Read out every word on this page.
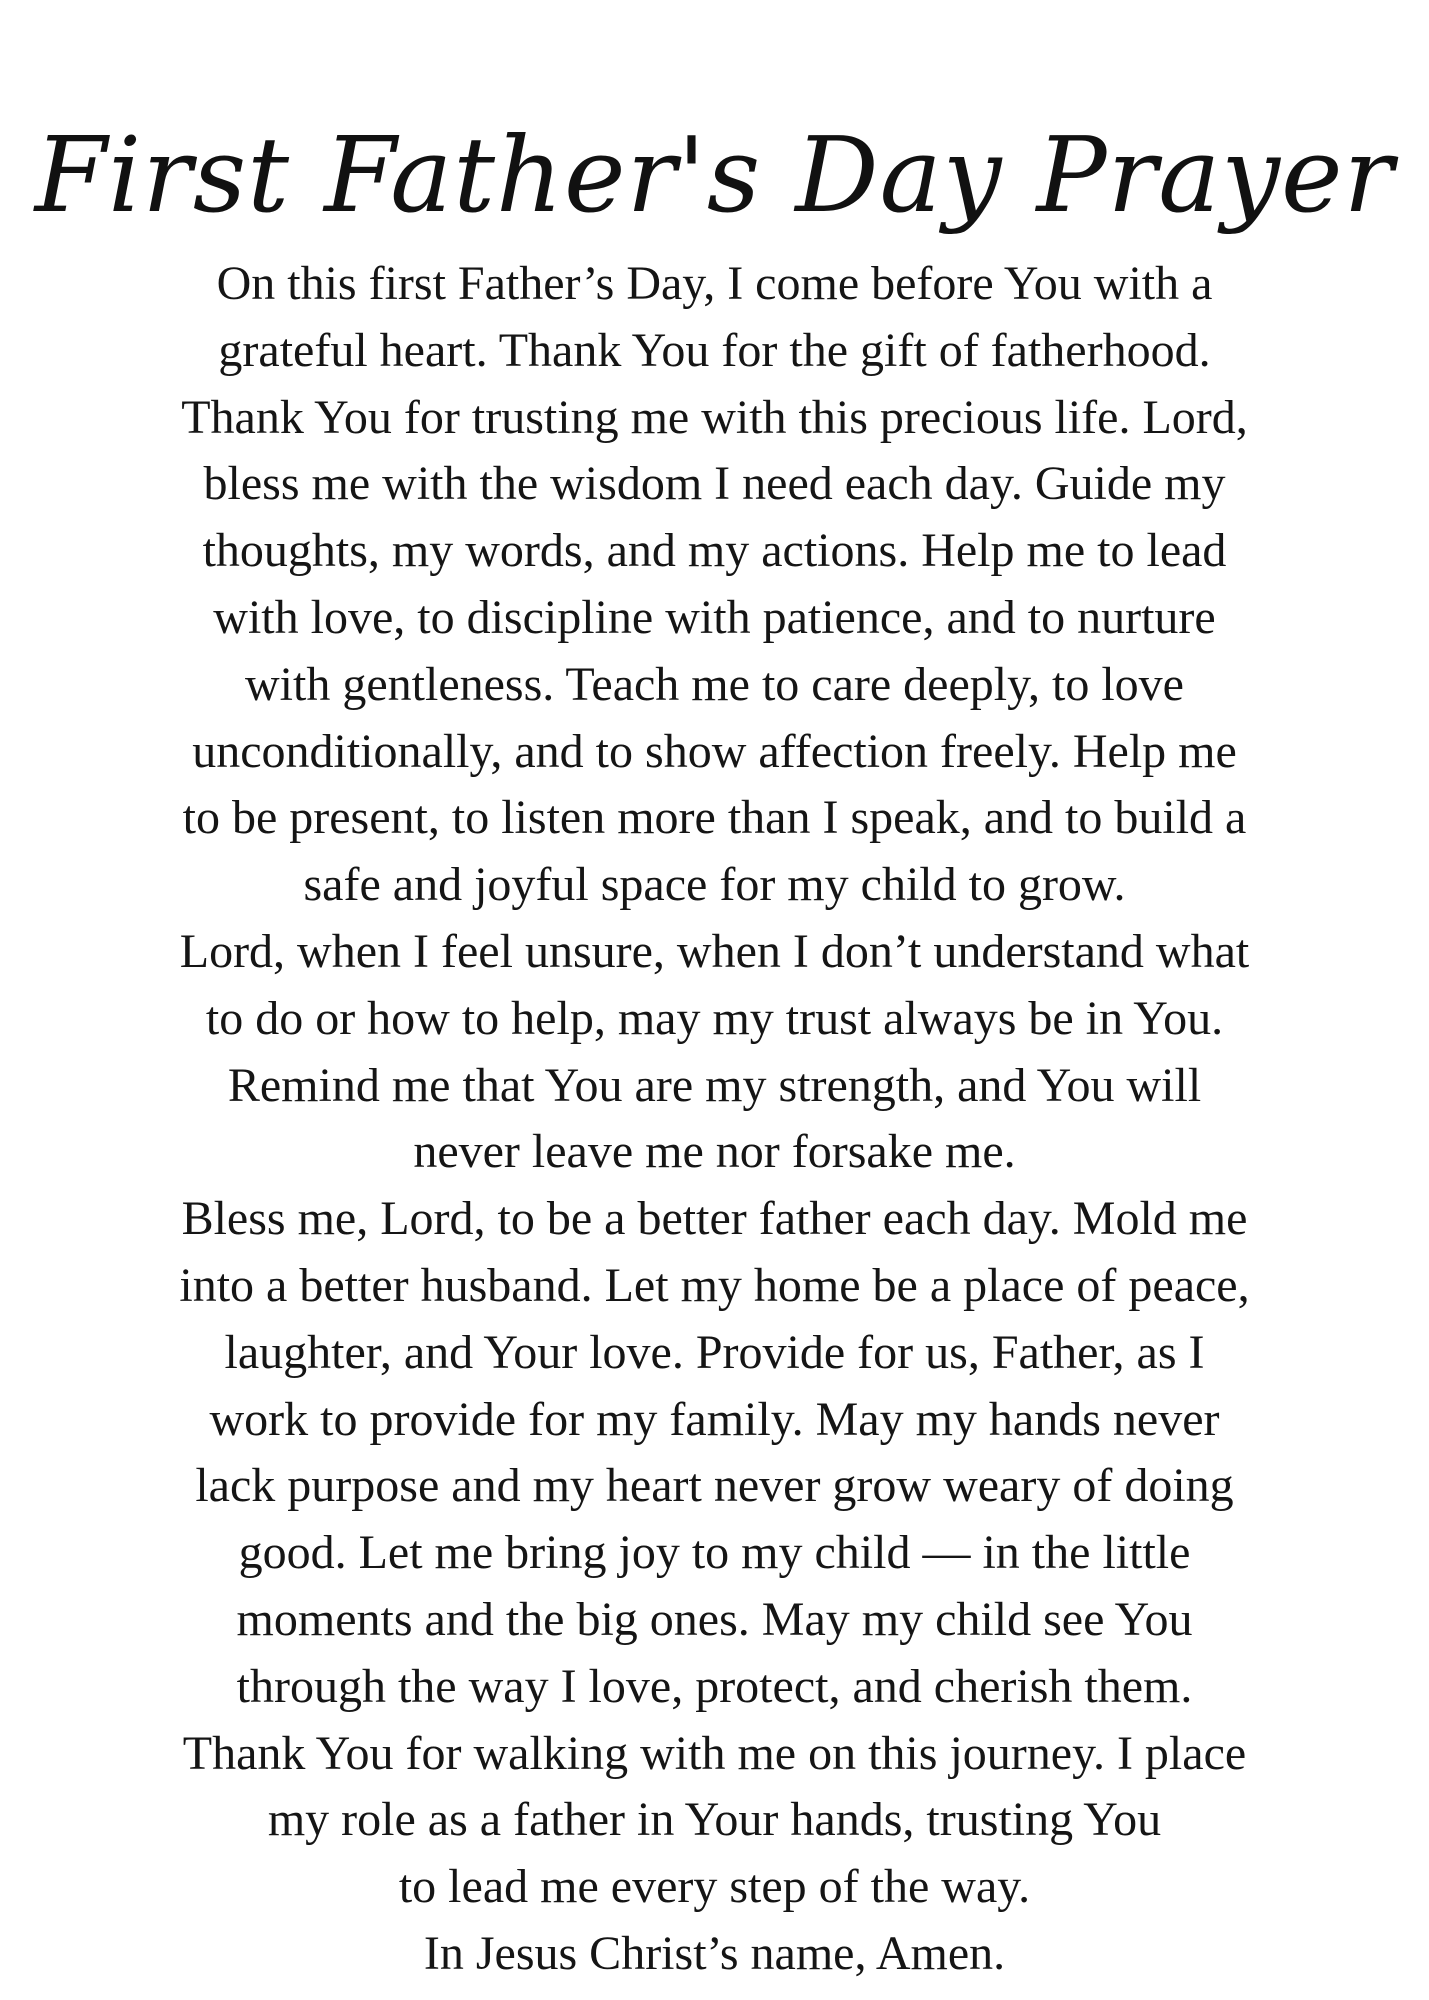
First Father's Day Prayer
On this first Father’s Day, I come before You with a
grateful heart. Thank You for the gift of fatherhood.
Thank You for trusting me with this precious life. Lord,
bless me with the wisdom I need each day. Guide my
thoughts, my words, and my actions. Help me to lead
with love, to discipline with patience, and to nurture
with gentleness. Teach me to care deeply, to love
unconditionally, and to show affection freely. Help me
to be present, to listen more than I speak, and to build a
safe and joyful space for my child to grow.
Lord, when I feel unsure, when I don’t understand what
to do or how to help, may my trust always be in You.
Remind me that You are my strength, and You will
never leave me nor forsake me.
Bless me, Lord, to be a better father each day. Mold me
into a better husband. Let my home be a place of peace,
laughter, and Your love. Provide for us, Father, as I
work to provide for my family. May my hands never
lack purpose and my heart never grow weary of doing
good. Let me bring joy to my child — in the little
moments and the big ones. May my child see You
through the way I love, protect, and cherish them.
Thank You for walking with me on this journey. I place
my role as a father in Your hands, trusting You
to lead me every step of the way.
In Jesus Christ’s name, Amen.
